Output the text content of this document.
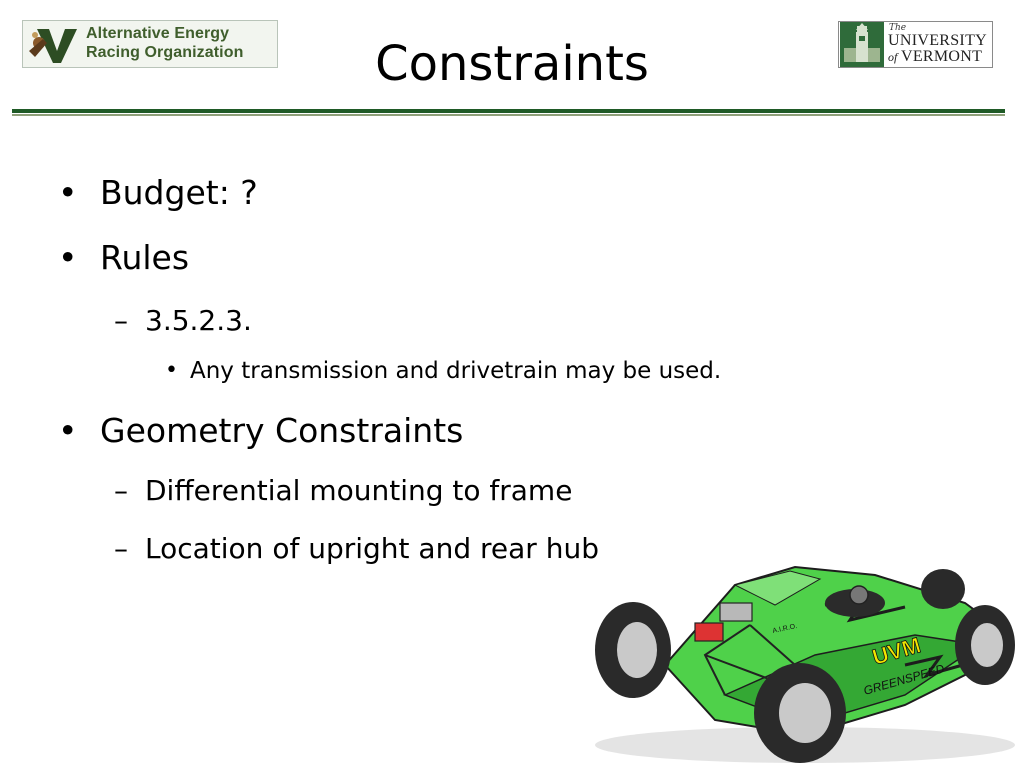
Alternative Energy
Racing Organization	Constraints
The
UNIVERSITY
of VERMONT
• Budget: ?
• Rules
– 3.5.2.3.
• Any transmission and drivetrain may be used.
• Geometry Constraints
– Differential mounting to frame
– Location of upright and rear hub
UVM
GREENSPEED
A.I.R.O.
